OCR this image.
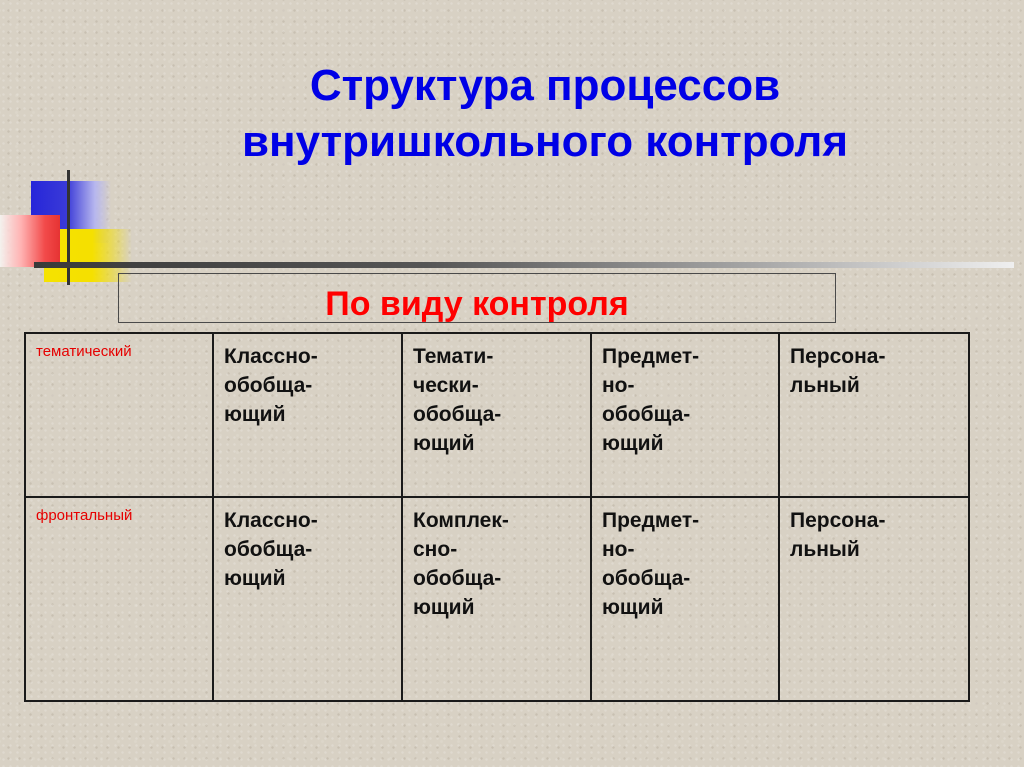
Структура процессов
внутришкольного контроля
По виду контроля
тематический	Классно-
обобща-
ющий	Темати-
чески-
обобща-
ющий	Предмет-
но-
обобща-
ющий	Персона-
льный
фронтальный	Классно-
обобща-
ющий	Комплек-
сно-
обобща-
ющий	Предмет-
но-
обобща-
ющий	Персона-
льный
